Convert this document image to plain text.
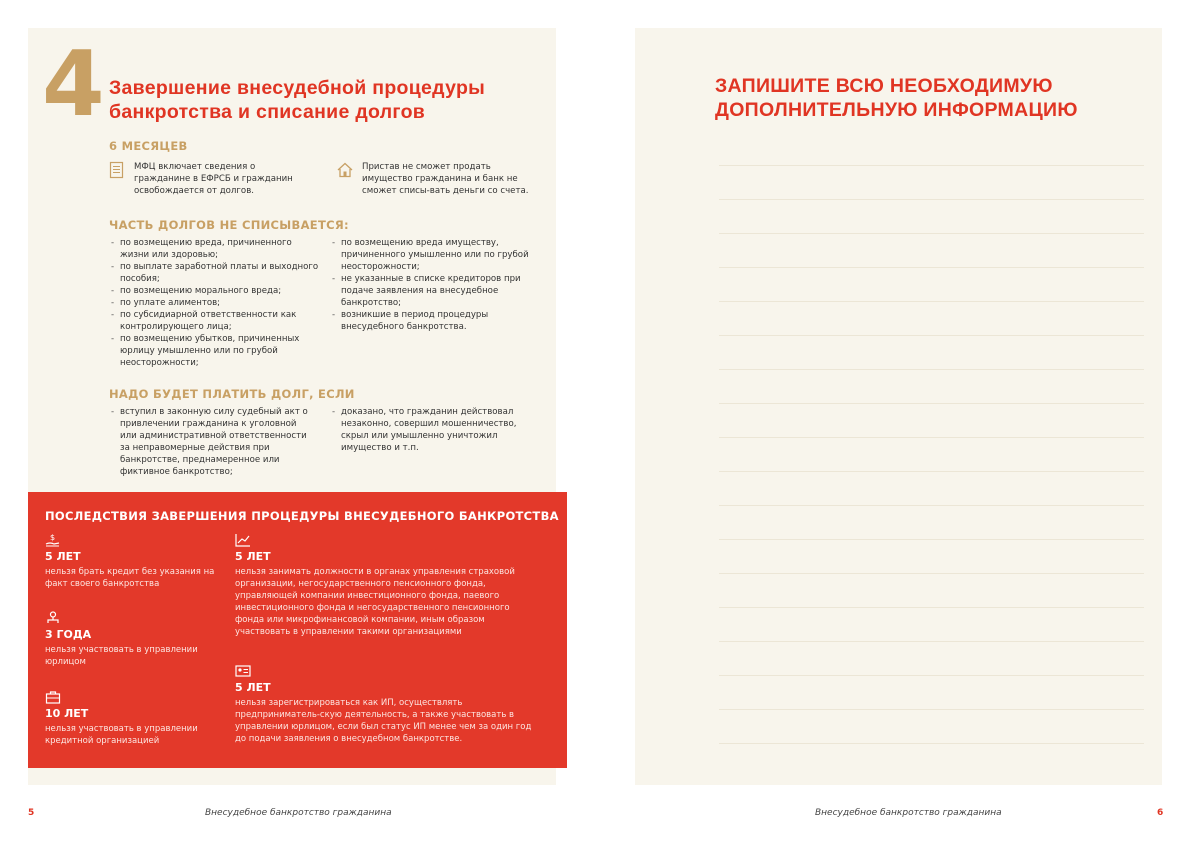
4 Завершение внесудебной процедуры банкротства и списание долгов
6 МЕСЯЦЕВ
МФЦ включает сведения о гражданине в ЕФРСБ и гражданин освобождается от долгов.
Пристав не сможет продать имущество гражданина и банк не сможет списы-вать деньги со счета.
ЧАСТЬ ДОЛГОВ НЕ СПИСЫВАЕТСЯ:
- по возмещению вреда, причиненного жизни или здоровью;
- по выплате заработной платы и выходного пособия;
- по возмещению морального вреда;
- по уплате алиментов;
- по субсидиарной ответственности как контролирующего лица;
- по возмещению убытков, причиненных юрлицу умышленно или по грубой неосторожности;
- по возмещению вреда имуществу, причиненного умышленно или по грубой неосторожности;
- не указанные в списке кредиторов при подаче заявления на внесудебное банкротство;
- возникшие в период процедуры внесудебного банкротства.
НАДО БУДЕТ ПЛАТИТЬ ДОЛГ, ЕСЛИ
- вступил в законную силу судебный акт о привлечении гражданина к уголовной или административной ответственности за неправомерные действия при банкротстве, преднамеренное или фиктивное банкротство;
- доказано, что гражданин действовал незаконно, совершил мошенничество, скрыл или умышленно уничтожил имущество и т.п.
ПОСЛЕДСТВИЯ ЗАВЕРШЕНИЯ ПРОЦЕДУРЫ ВНЕСУДЕБНОГО БАНКРОТСТВА
$
5 ЛЕТ
нельзя брать кредит без указания на факт своего банкротства
3 ГОДА
нельзя участвовать в управлении юрлицом
10 ЛЕТ
нельзя участвовать в управлении кредитной организацией
5 ЛЕТ
нельзя занимать должности в органах управления страховой организации, негосударственного пенсионного фонда, управляющей компании инвестиционного фонда, паевого инвестиционного фонда и негосударственного пенсионного фонда или микрофинансовой компании, иным образом участвовать в управлении такими организациями
5 ЛЕТ
нельзя зарегистрироваться как ИП, осуществлять предприниматель-скую деятельность, а также участвовать в управлении юрлицом, если был статус ИП менее чем за один год до подачи заявления о внесудебном банкротстве.
5	Внесудебное банкротство гражданина
ЗАПИШИТЕ ВСЮ НЕОБХОДИМУЮ ДОПОЛНИТЕЛЬНУЮ ИНФОРМАЦИЮ
Внесудебное банкротство гражданина	6
